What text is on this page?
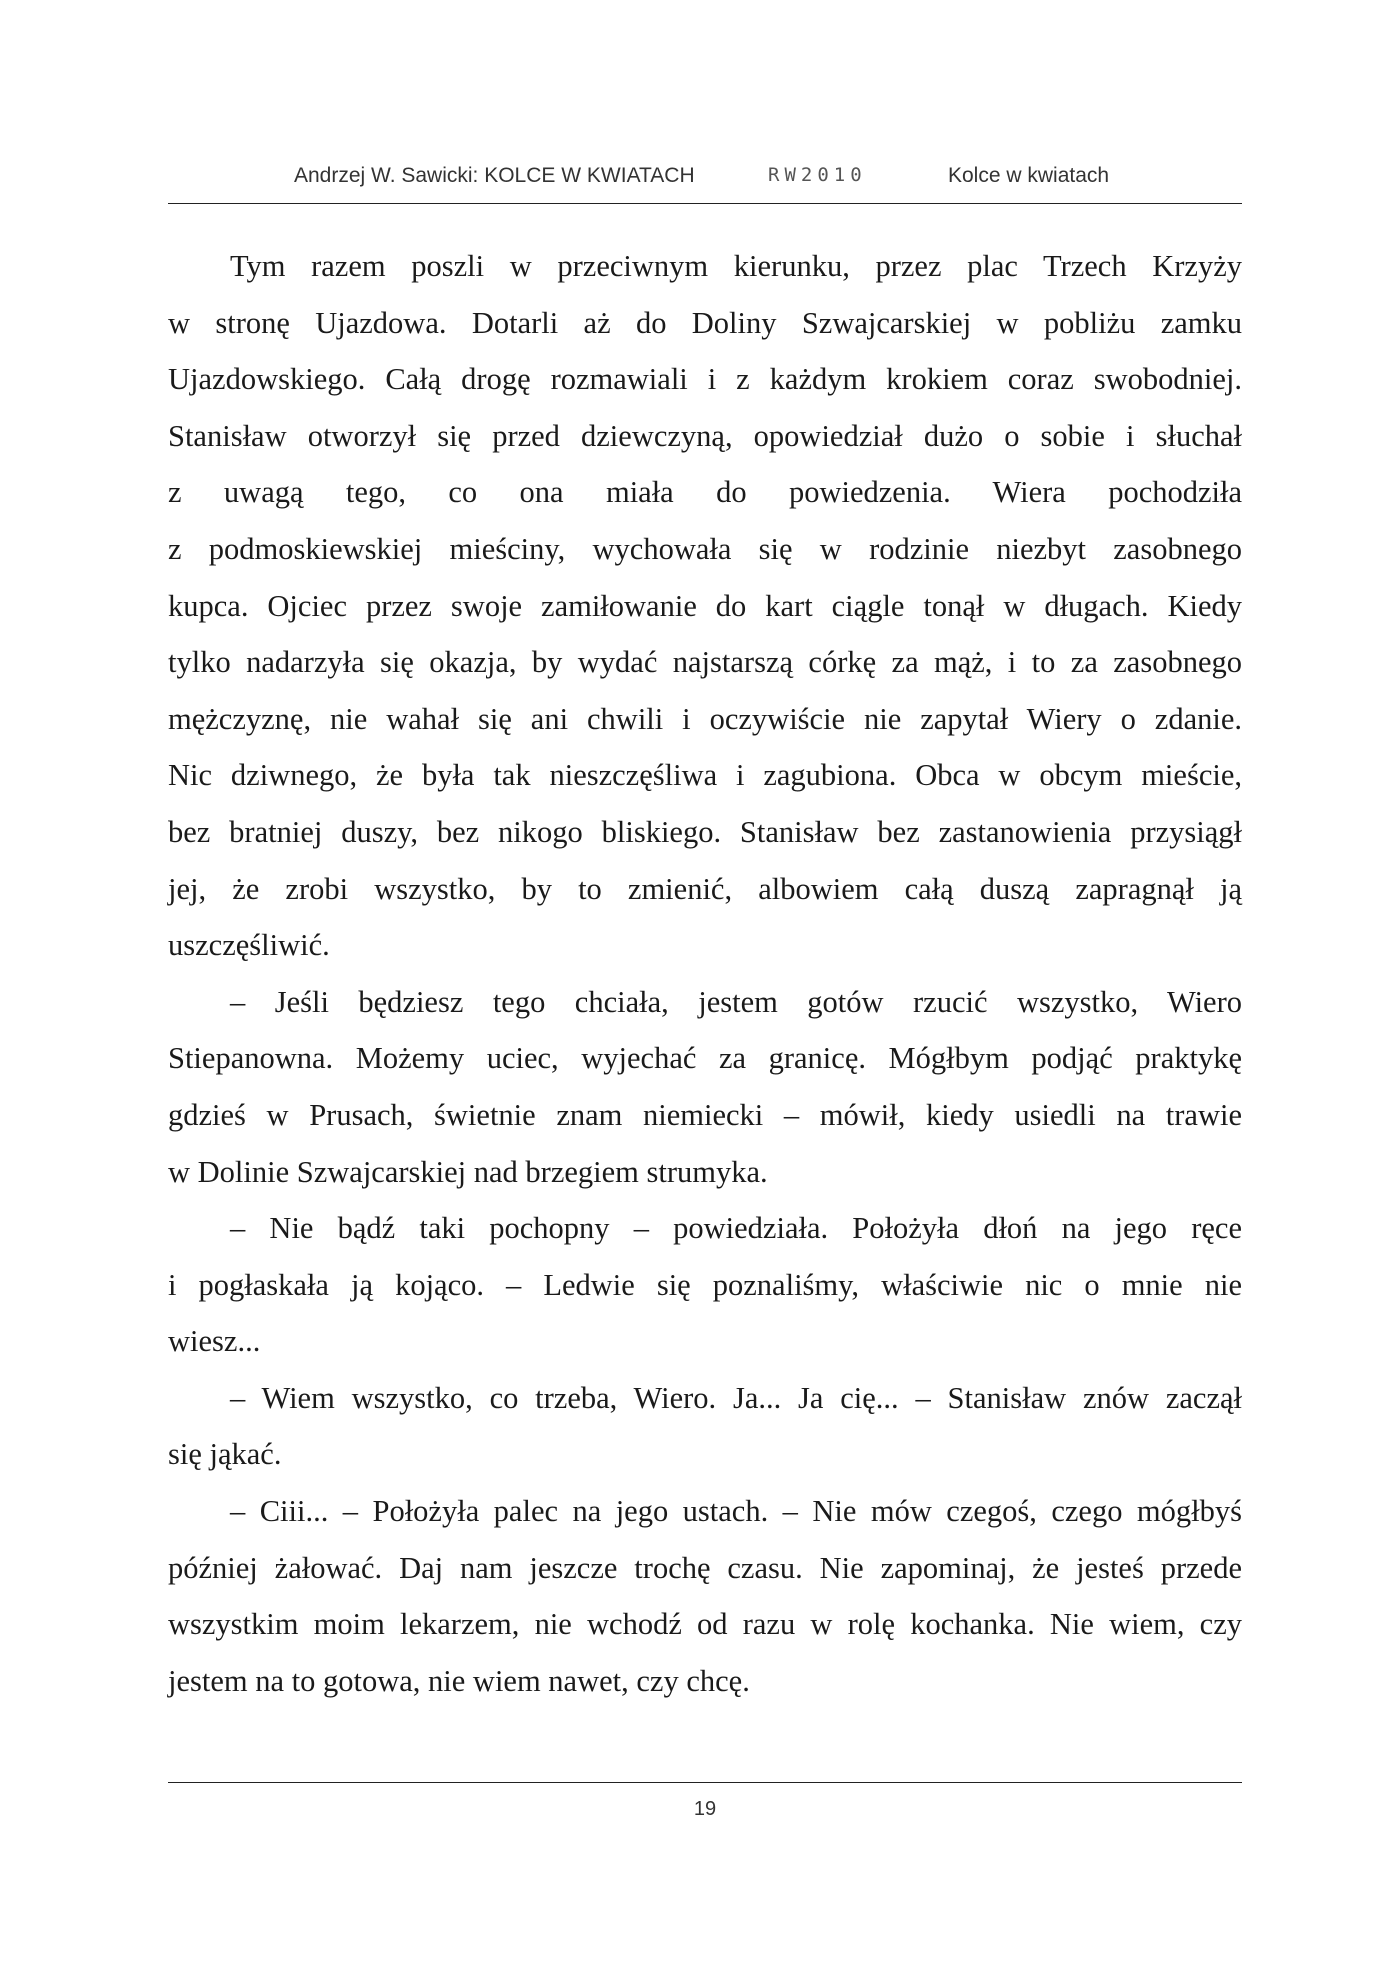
Andrzej W. Sawicki: KOLCE W KWIATACH	RW2010	Kolce w kwiatach
Tym razem poszli w przeciwnym kierunku, przez plac Trzech Krzyży
w stronę Ujazdowa. Dotarli aż do Doliny Szwajcarskiej w pobliżu zamku
Ujazdowskiego. Całą drogę rozmawiali i z każdym krokiem coraz swobodniej.
Stanisław otworzył się przed dziewczyną, opowiedział dużo o sobie i słuchał
z uwagą tego, co ona miała do powiedzenia. Wiera pochodziła
z podmoskiewskiej mieściny, wychowała się w rodzinie niezbyt zasobnego
kupca. Ojciec przez swoje zamiłowanie do kart ciągle tonął w długach. Kiedy
tylko nadarzyła się okazja, by wydać najstarszą córkę za mąż, i to za zasobnego
mężczyznę, nie wahał się ani chwili i oczywiście nie zapytał Wiery o zdanie.
Nic dziwnego, że była tak nieszczęśliwa i zagubiona. Obca w obcym mieście,
bez bratniej duszy, bez nikogo bliskiego. Stanisław bez zastanowienia przysiągł
jej, że zrobi wszystko, by to zmienić, albowiem całą duszą zapragnął ją
uszczęśliwić.
– Jeśli będziesz tego chciała, jestem gotów rzucić wszystko, Wiero
Stiepanowna. Możemy uciec, wyjechać za granicę. Mógłbym podjąć praktykę
gdzieś w Prusach, świetnie znam niemiecki – mówił, kiedy usiedli na trawie
w Dolinie Szwajcarskiej nad brzegiem strumyka.
– Nie bądź taki pochopny – powiedziała. Położyła dłoń na jego ręce
i pogłaskała ją kojąco. – Ledwie się poznaliśmy, właściwie nic o mnie nie
wiesz...
– Wiem wszystko, co trzeba, Wiero. Ja... Ja cię... – Stanisław znów zaczął
się jąkać.
– Ciii... – Położyła palec na jego ustach. – Nie mów czegoś, czego mógłbyś
później żałować. Daj nam jeszcze trochę czasu. Nie zapominaj, że jesteś przede
wszystkim moim lekarzem, nie wchodź od razu w rolę kochanka. Nie wiem, czy
jestem na to gotowa, nie wiem nawet, czy chcę.
19
